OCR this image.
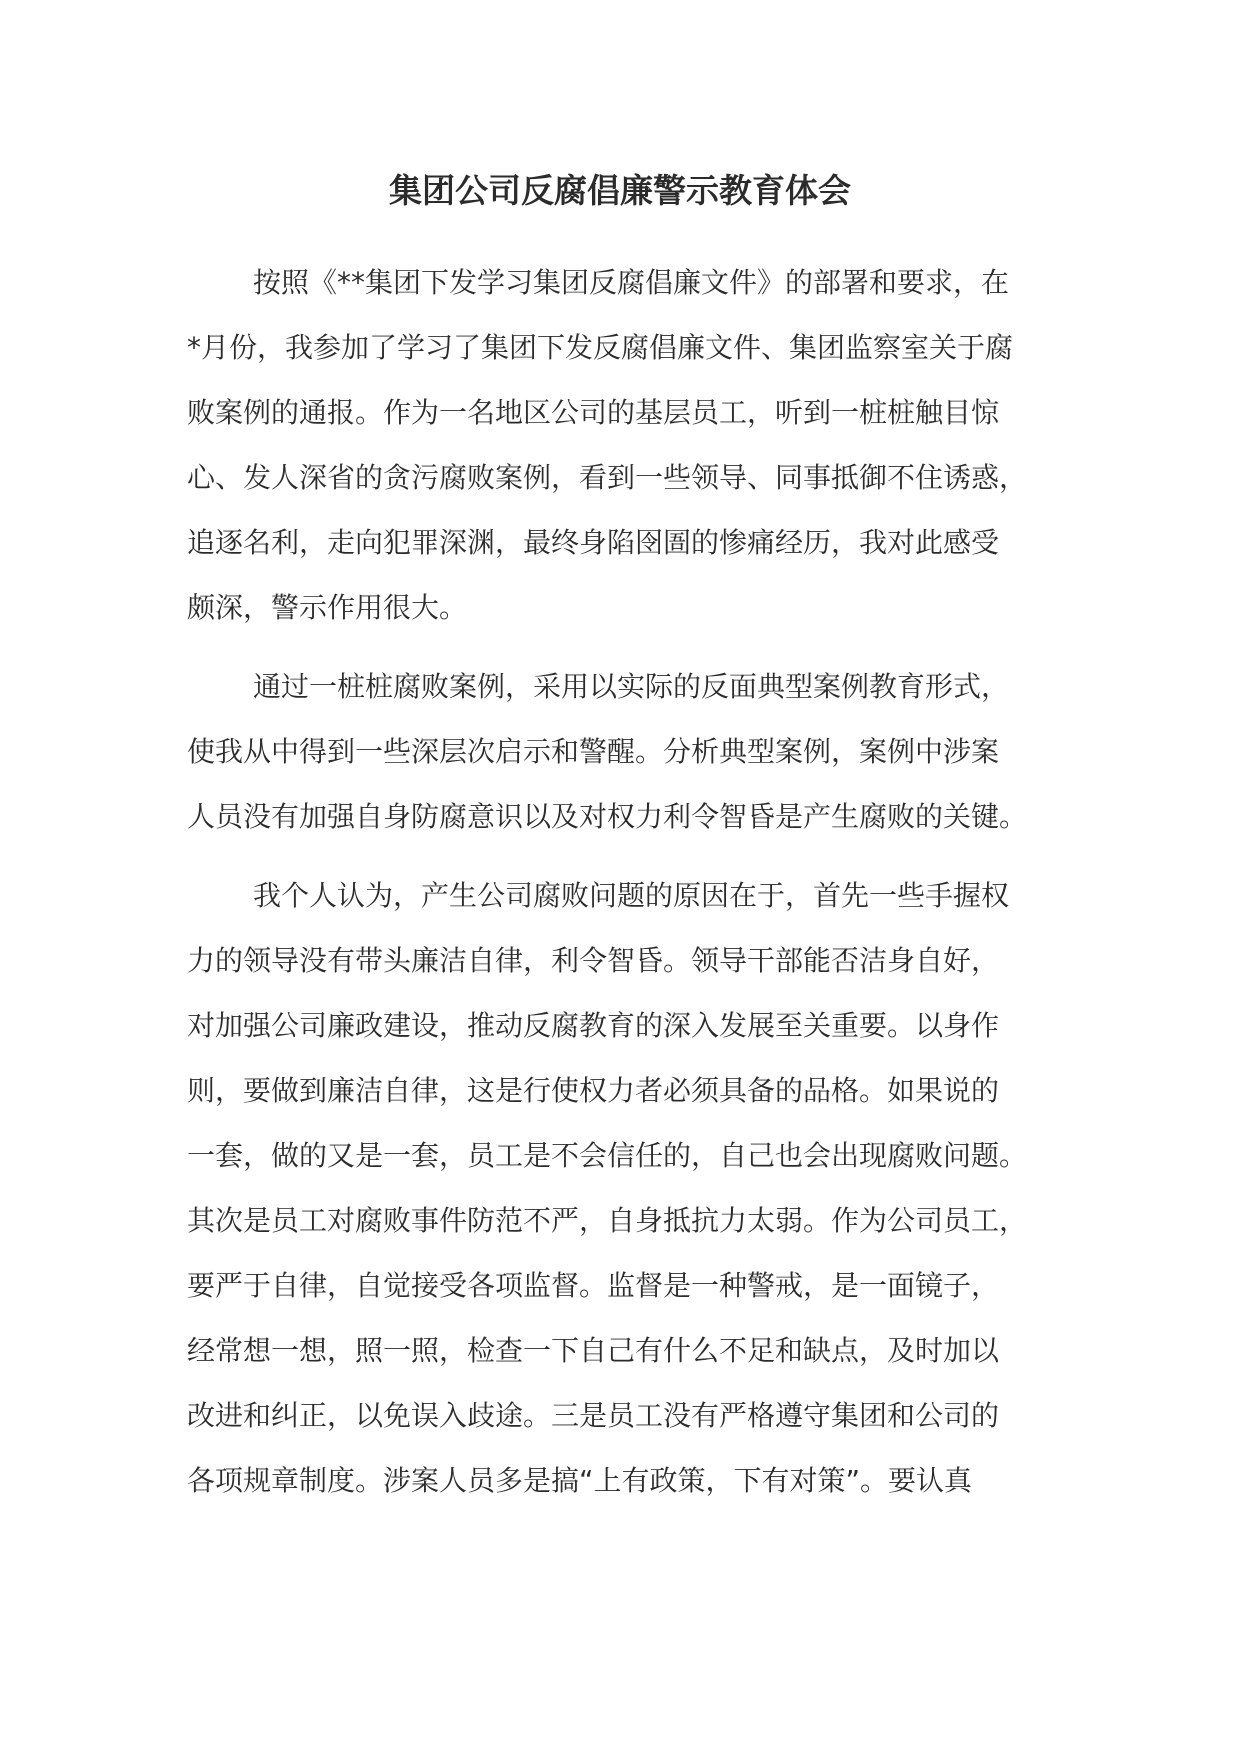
集团公司反腐倡廉警示教育体会
按照《**集团下发学习集团反腐倡廉文件》的部署和要求，在
*月份，我参加了学习了集团下发反腐倡廉文件、集团监察室关于腐
败案例的通报。作为一名地区公司的基层员工，听到一桩桩触目惊
心、发人深省的贪污腐败案例，看到一些领导、同事抵御不住诱惑，
追逐名利，走向犯罪深渊，最终身陷囹圄的惨痛经历，我对此感受
颇深，警示作用很大。
通过一桩桩腐败案例，采用以实际的反面典型案例教育形式，
使我从中得到一些深层次启示和警醒。分析典型案例，案例中涉案
人员没有加强自身防腐意识以及对权力利令智昏是产生腐败的关键。
我个人认为，产生公司腐败问题的原因在于，首先一些手握权
力的领导没有带头廉洁自律，利令智昏。领导干部能否洁身自好，
对加强公司廉政建设，推动反腐教育的深入发展至关重要。以身作
则，要做到廉洁自律，这是行使权力者必须具备的品格。如果说的
一套，做的又是一套，员工是不会信任的，自己也会出现腐败问题。
其次是员工对腐败事件防范不严，自身抵抗力太弱。作为公司员工，
要严于自律，自觉接受各项监督。监督是一种警戒，是一面镜子，
经常想一想，照一照，检查一下自己有什么不足和缺点，及时加以
改进和纠正，以免误入歧途。三是员工没有严格遵守集团和公司的
各项规章制度。涉案人员多是搞“上有政策，下有对策”。要认真
